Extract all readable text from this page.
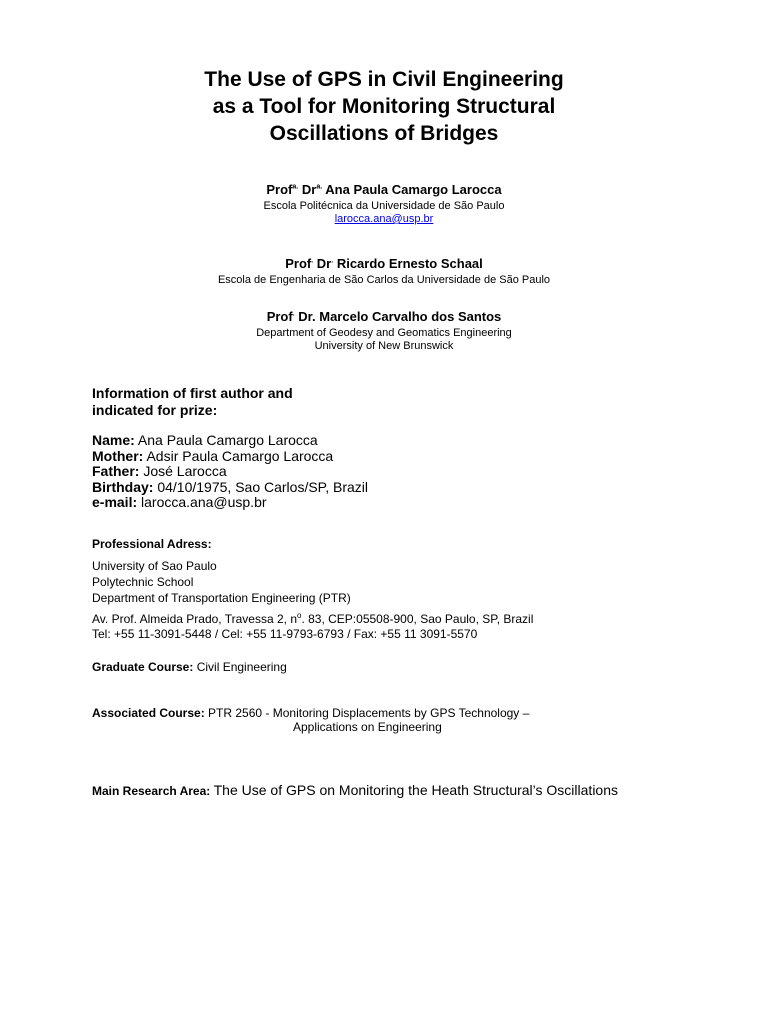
The Use of GPS in Civil Engineering
as a Tool for Monitoring Structural
Oscillations of Bridges
Prof$^{a.}$ $Dr^{a.}$ Ana Paula Camargo Larocca
Escola Politécnica da Universidade de São Paulo
larocca.ana@usp.br
Prof. Dr. Ricardo Ernesto Schaal
Escola de Engenharia de São Carlos da Universidade de São Paulo
Prof. Dr. Marcelo Carvalho dos Santos
Department of Geodesy and Geomatics Engineering
University of New Brunswick
Information of first author and
indicated for prize:
Name: Ana Paula Camargo Larocca
Mother: Adsir Paula Camargo Larocca
Father: José Larocca
Birthday: 04/10/1975, Sao Carlos/SP, Brazil
e-mail: larocca.ana@usp.br
Professional Adress:
University of Sao Paulo
Polytechnic School
Department of Transportation Engineering (PTR)
Av. Prof. Almeida Prado, Travessa 2, $n^o$. 83, CEP:05508-900, Sao Paulo, SP, Brazil
Tel: +55 11-3091-5448 / Cel: +55 11-9793-6793 / Fax: +55 11 3091-5570
Graduate Course: Civil Engineering
Associated Course: PTR 2560 - Monitoring Displacements by GPS Technology –
Applications on Engineering
Main Research Area: The Use of GPS on Monitoring the Heath Structural’s Oscillations
